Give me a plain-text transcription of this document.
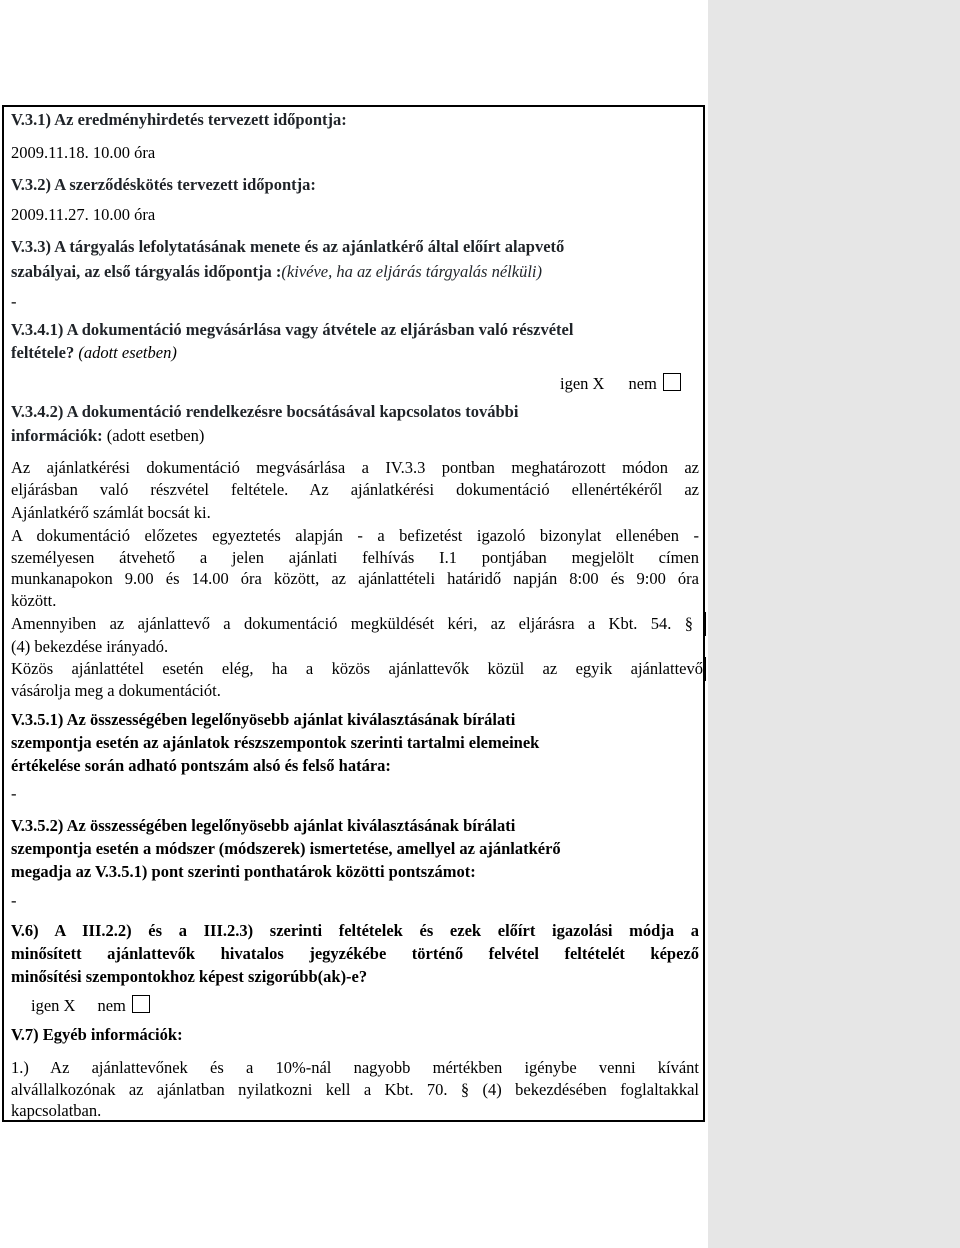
V.3.1) Az eredményhirdetés tervezett időpontja:
2009.11.18. 10.00 óra
V.3.2) A szerződéskötés tervezett időpontja:
2009.11.27. 10.00 óra
V.3.3) A tárgyalás lefolytatásának menete és az ajánlatkérő által előírt alapvető
szabályai, az első tárgyalás időpontja :(kivéve, ha az eljárás tárgyalás nélküli)
-
V.3.4.1) A dokumentáció megvásárlása vagy átvétele az eljárásban való részvétel
feltétele? (adott esetben)
igen X nem
V.3.4.2) A dokumentáció rendelkezésre bocsátásával kapcsolatos további
információk: (adott esetben)
Az ajánlatkérési dokumentáció megvásárlása a IV.3.3 pontban meghatározott módon az
eljárásban való részvétel feltétele. Az ajánlatkérési dokumentáció ellenértékéről az
Ajánlatkérő számlát bocsát ki.
A dokumentáció előzetes egyeztetés alapján - a befizetést igazoló bizonylat ellenében -
személyesen átvehető a jelen ajánlati felhívás I.1 pontjában megjelölt címen
munkanapokon 9.00 és 14.00 óra között, az ajánlattételi határidő napján 8:00 és 9:00 óra
között.
Amennyiben az ajánlattevő a dokumentáció megküldését kéri, az eljárásra a Kbt. 54. §
(4) bekezdése irányadó.
Közös ajánlattétel esetén elég, ha a közös ajánlattevők közül az egyik ajánlattevő
vásárolja meg a dokumentációt.
V.3.5.1) Az összességében legelőnyösebb ajánlat kiválasztásának bírálati
szempontja esetén az ajánlatok részszempontok szerinti tartalmi elemeinek
értékelése során adható pontszám alsó és felső határa:
-
V.3.5.2) Az összességében legelőnyösebb ajánlat kiválasztásának bírálati
szempontja esetén a módszer (módszerek) ismertetése, amellyel az ajánlatkérő
megadja az V.3.5.1) pont szerinti ponthatárok közötti pontszámot:
-
V.6) A III.2.2) és a III.2.3) szerinti feltételek és ezek előírt igazolási módja a
minősített ajánlattevők hivatalos jegyzékébe történő felvétel feltételét képező
minősítési szempontokhoz képest szigorúbb(ak)-e?
igen X nem
V.7) Egyéb információk:
1.) Az ajánlattevőnek és a 10%-nál nagyobb mértékben igénybe venni kívánt
alvállalkozónak az ajánlatban nyilatkozni kell a Kbt. 70. § (4) bekezdésében foglaltakkal
kapcsolatban.
